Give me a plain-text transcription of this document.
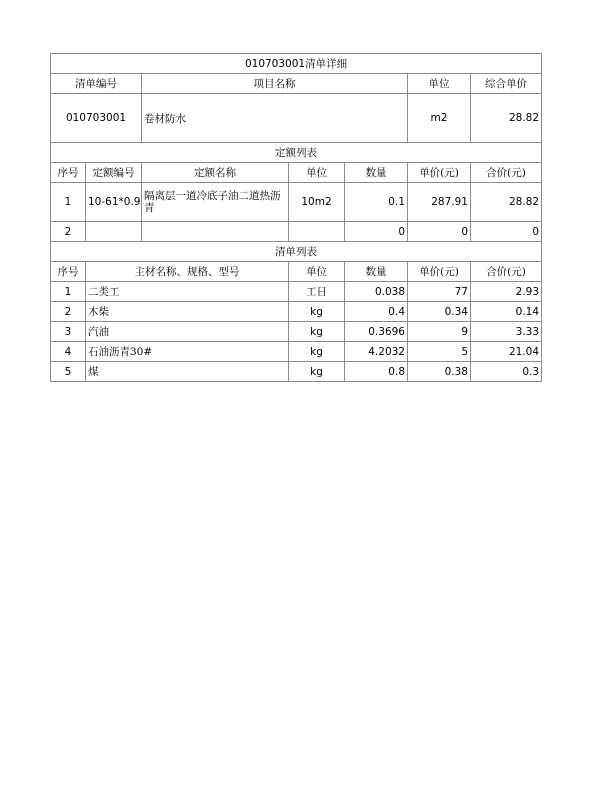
010703001清单详细						
清单编号		项目名称			单位	综合单价
010703001		卷材防水			m2	28.82
定额列表						
序号	定额编号	定额名称	单位	数量	单价(元)	合价(元)
1	10-61*0.9	隔离层一道冷底子油二道热沥青	10m2	0.1	287.91	28.82
2				0	0	0
清单列表						
序号	主材名称、规格、型号		单位	数量	单价(元)	合价(元)
1	二类工		工日	0.038	77	2.93
2	木柴		kg	0.4	0.34	0.14
3	汽油		kg	0.3696	9	3.33
4	石油沥青30#		kg	4.2032	5	21.04
5	煤		kg	0.8	0.38	0.3
